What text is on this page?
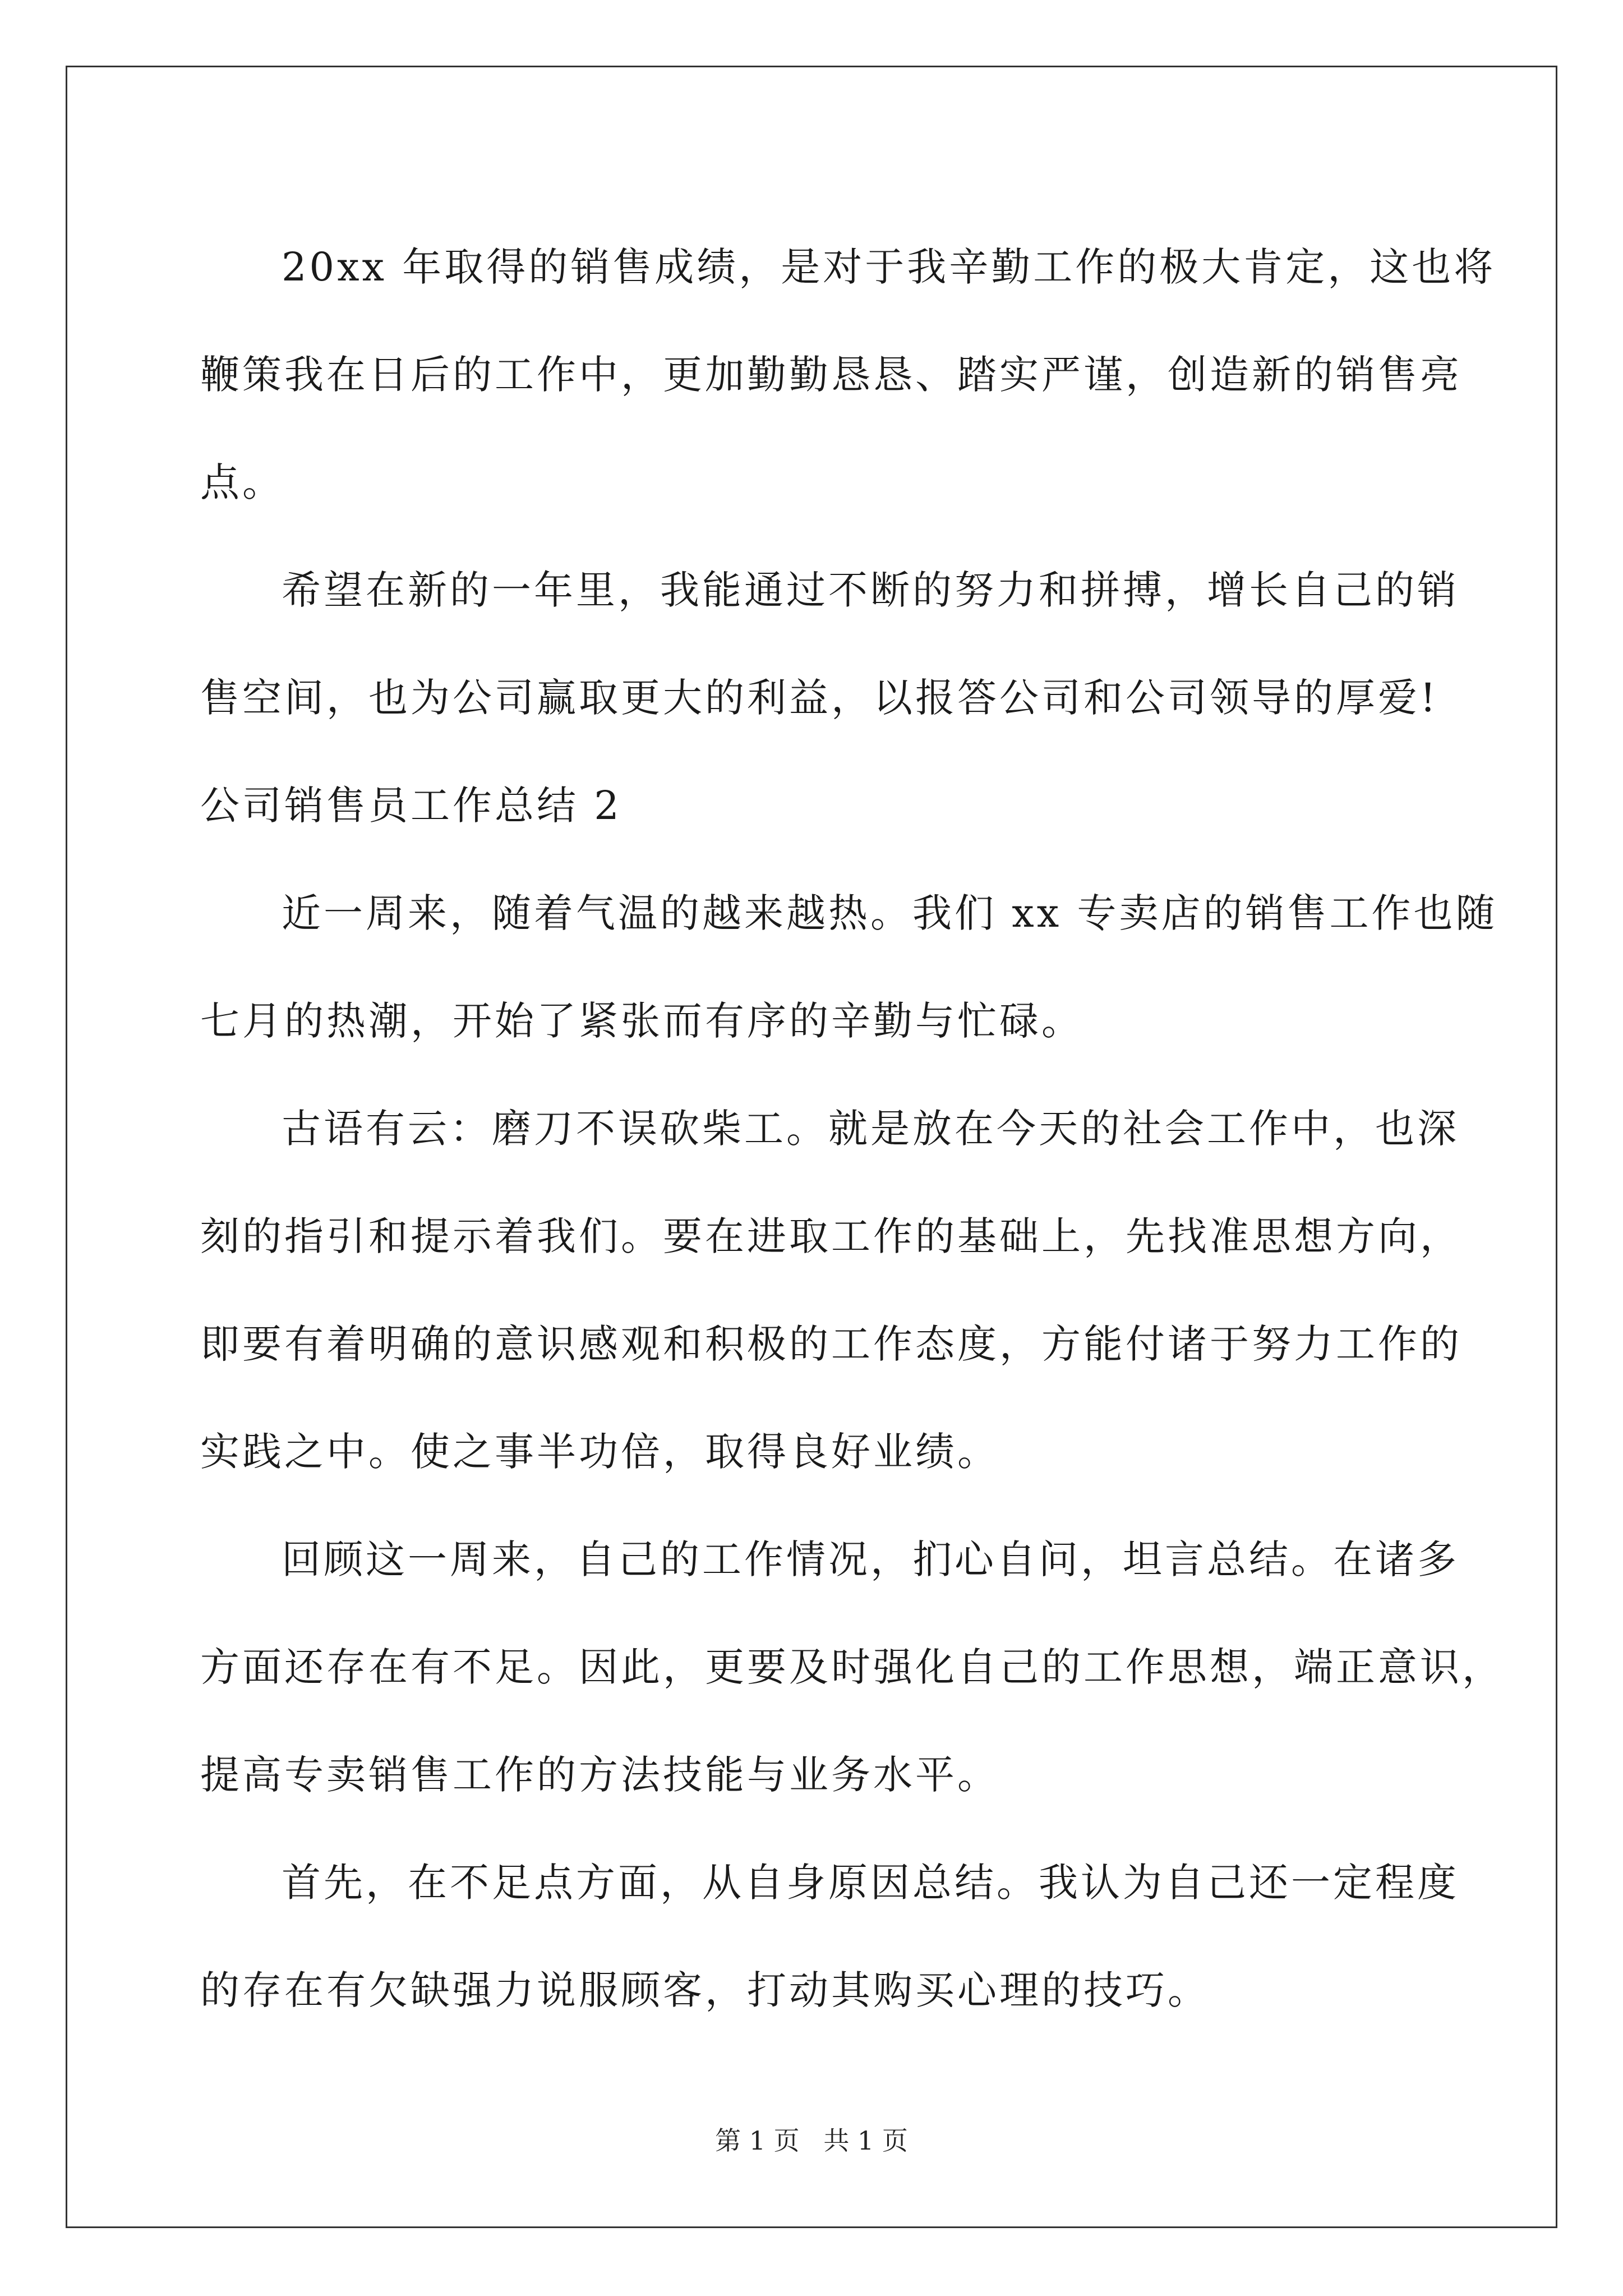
20xx 年取得的销售成绩，是对于我辛勤工作的极大肯定，这也将
鞭策我在日后的工作中，更加勤勤恳恳、踏实严谨，创造新的销售亮
点。
希望在新的一年里，我能通过不断的努力和拼搏，增长自己的销
售空间，也为公司赢取更大的利益，以报答公司和公司领导的厚爱!
公司销售员工作总结 2
近一周来，随着气温的越来越热。我们 xx 专卖店的销售工作也随
七月的热潮，开始了紧张而有序的辛勤与忙碌。
古语有云：磨刀不误砍柴工。就是放在今天的社会工作中，也深
刻的指引和提示着我们。要在进取工作的基础上，先找准思想方向，
即要有着明确的意识感观和积极的工作态度，方能付诸于努力工作的
实践之中。使之事半功倍，取得良好业绩。
回顾这一周来，自己的工作情况，扪心自问，坦言总结。在诸多
方面还存在有不足。因此，更要及时强化自己的工作思想，端正意识，
提高专卖销售工作的方法技能与业务水平。
首先，在不足点方面，从自身原因总结。我认为自己还一定程度
的存在有欠缺强力说服顾客，打动其购买心理的技巧。
第 1 页 共 1 页
